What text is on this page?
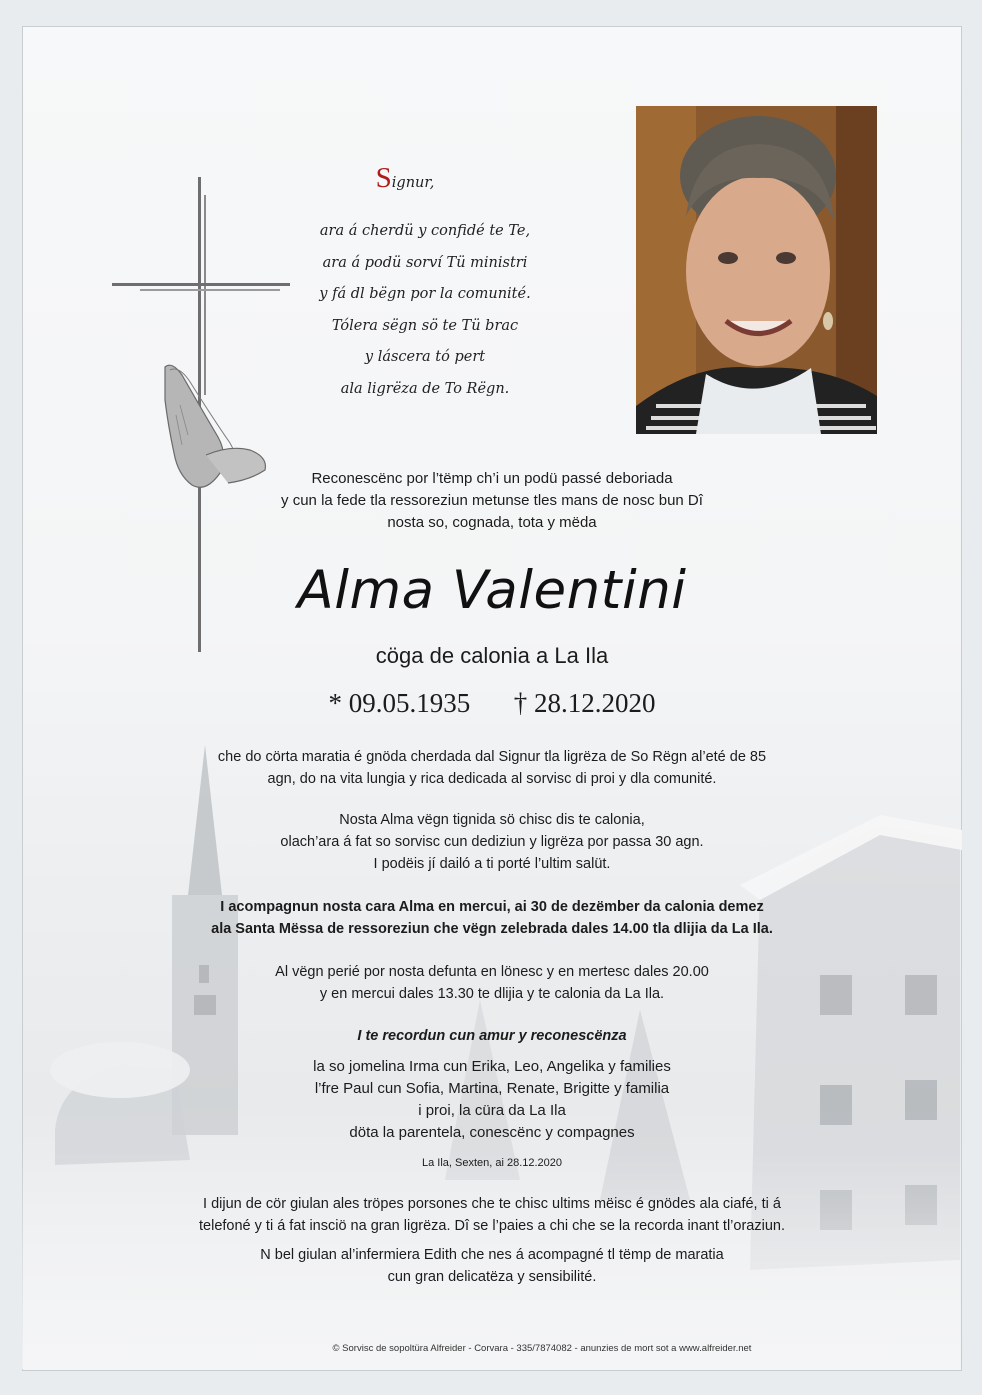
Signur,
ara á cherdü y confidé te Te,
ara á podü sorví Tü ministri
y fá dl bëgn por la comunité.
Tólera sëgn sö te Tü brac
y láscera tó pert
ala ligrëza de To Rëgn.
Reconescënc por l’tëmp ch’i un podü passé deboriada
y cun la fede tla ressoreziun metunse tles mans de nosc bun Dî
nosta so, cognada, tota y mëda
Alma Valentini
cöga de calonia a La Ila
* 09.05.1935 † 28.12.2020
che do cörta maratia é gnöda cherdada dal Signur tla ligrëza de So Rëgn al’eté de 85
agn, do na vita lungia y rica dedicada al sorvisc di proi y dla comunité.
Nosta Alma vëgn tignida sö chisc dis te calonia,
olach’ara á fat so sorvisc cun dediziun y ligrëza por passa 30 agn.
I podëis jí dailó a ti porté l’ultim salüt.
I acompagnun nosta cara Alma en mercui, ai 30 de dezëmber da calonia demez
ala Santa Mëssa de ressoreziun che vëgn zelebrada dales 14.00 tla dlijia da La Ila.
Al vëgn perié por nosta defunta en lönesc y en mertesc dales 20.00
y en mercui dales 13.30 te dlijia y te calonia da La Ila.
I te recordun cun amur y reconescënza
la so jomelina Irma cun Erika, Leo, Angelika y families
l’fre Paul cun Sofia, Martina, Renate, Brigitte y familia
i proi, la cüra da La Ila
döta la parentela, conescënc y compagnes
La Ila, Sexten, ai 28.12.2020
I dijun de cör giulan ales tröpes porsones che te chisc ultims mëisc é gnödes ala ciafé, ti á
telefoné y ti á fat insciö na gran ligrëza. Dî se l’paies a chi che se la recorda inant tl’oraziun.
N bel giulan al’infermiera Edith che nes á acompagné tl tëmp de maratia
cun gran delicatëza y sensibilité.
© Sorvisc de sopoltüra Alfreider - Corvara - 335/7874082 - anunzies de mort sot a www.alfreider.net
